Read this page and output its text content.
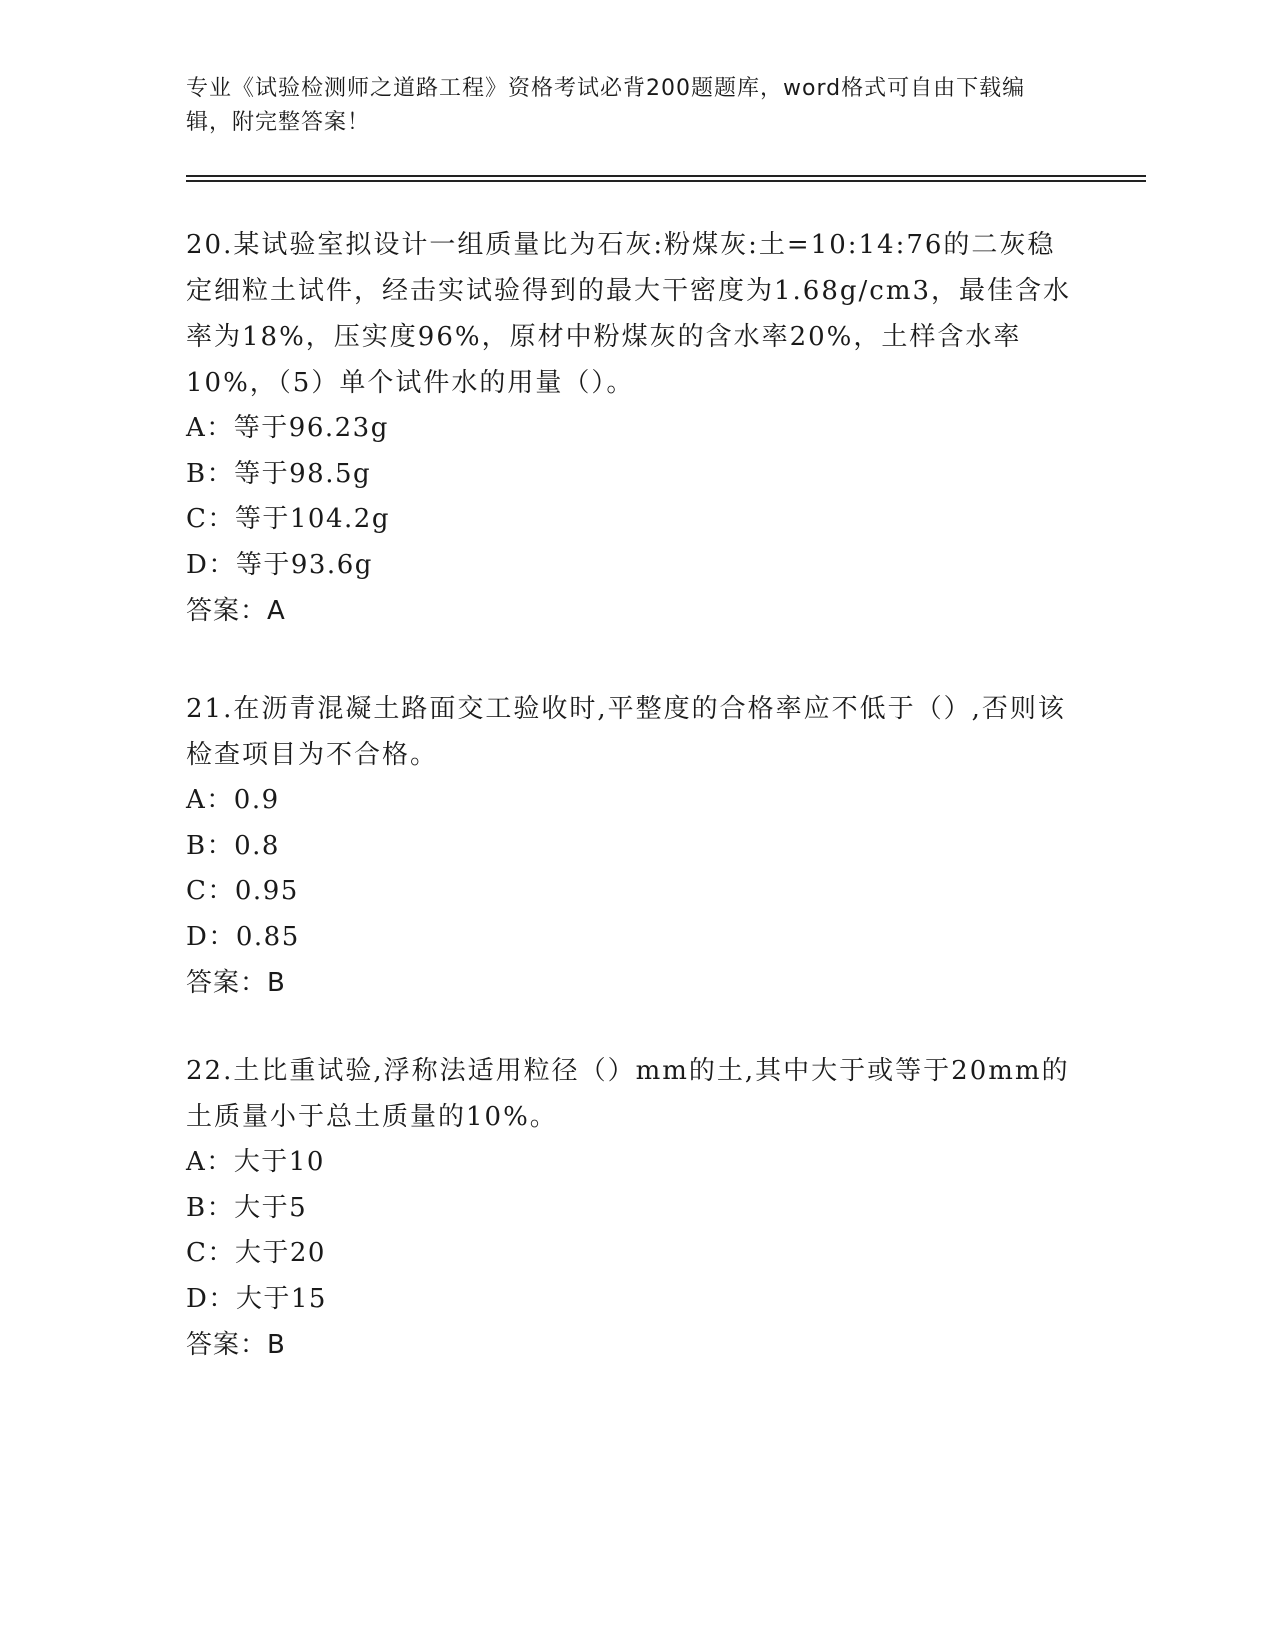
专业《试验检测师之道路工程》资格考试必背200题题库，word格式可自由下载编辑，附完整答案！
20.某试验室拟设计一组质量比为石灰:粉煤灰:土=10:14:76的二灰稳定细粒土试件，经击实试验得到的最大干密度为1.68g/cm3，最佳含水率为18%，压实度96%，原材中粉煤灰的含水率20%，土样含水率10%，（5）单个试件水的用量（）。
A：等于96.23g
B：等于98.5g
C：等于104.2g
D：等于93.6g
答案：A
21.在沥青混凝土路面交工验收时,平整度的合格率应不低于（）,否则该检查项目为不合格。
A：0.9
B：0.8
C：0.95
D：0.85
答案：B
22.土比重试验,浮称法适用粒径（）mm的土,其中大于或等于20mm的土质量小于总土质量的10%。
A：大于10
B：大于5
C：大于20
D：大于15
答案：B
